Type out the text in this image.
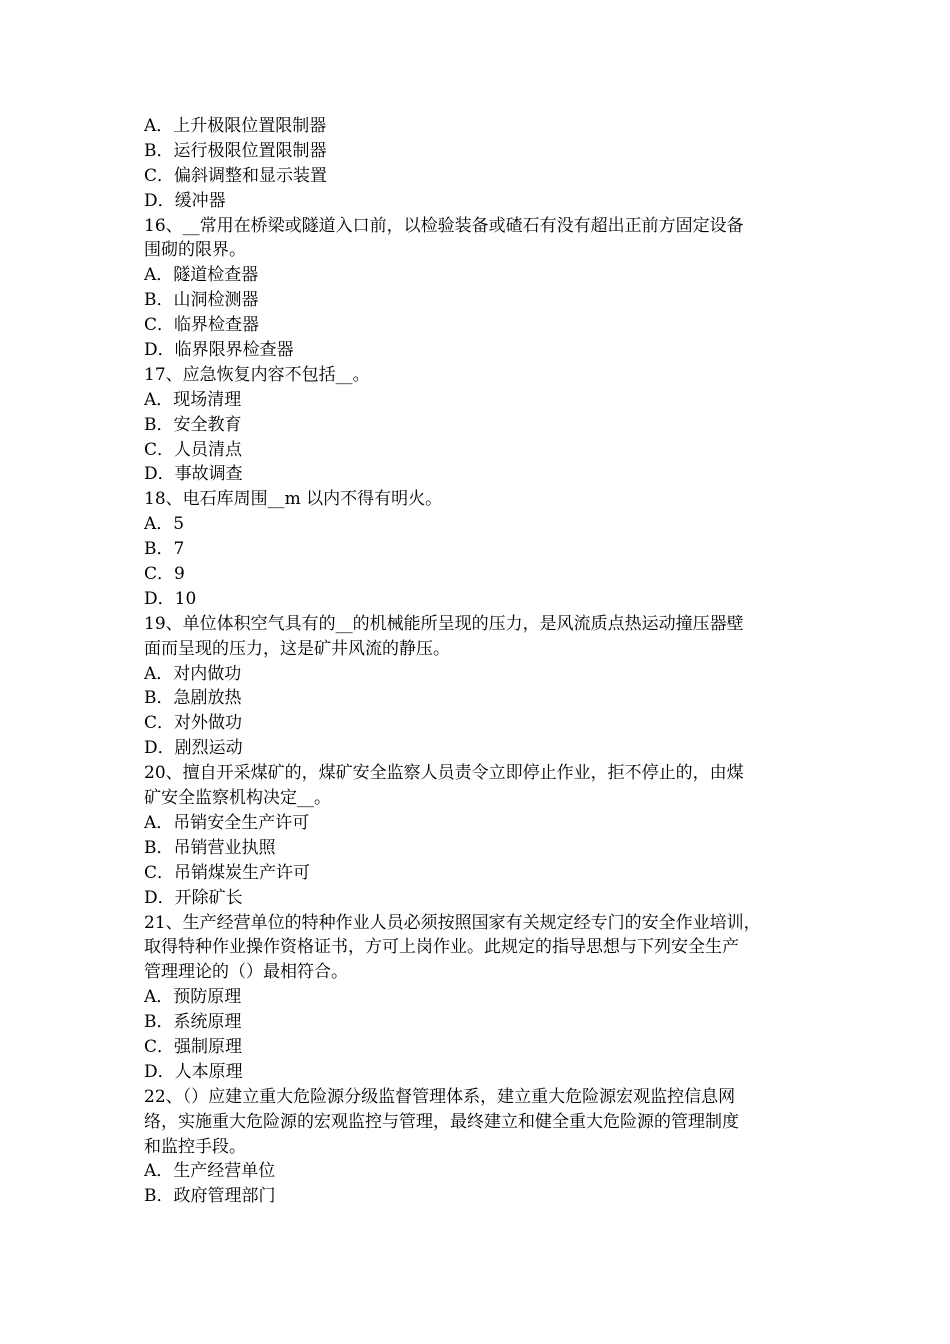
A．上升极限位置限制器
B．运行极限位置限制器
C．偏斜调整和显示装置
D．缓冲器
16、__常用在桥梁或隧道入口前，以检验装备或碴石有没有超出正前方固定设备
围砌的限界。
A．隧道检查器
B．山洞检测器
C．临界检查器
D．临界限界检查器
17、应急恢复内容不包括__。
A．现场清理
B．安全教育
C．人员清点
D．事故调查
18、电石库周围__m 以内不得有明火。
A．5
B．7
C．9
D．10
19、单位体积空气具有的__的机械能所呈现的压力，是风流质点热运动撞压器壁
面而呈现的压力，这是矿井风流的静压。
A．对内做功
B．急剧放热
C．对外做功
D．剧烈运动
20、擅自开采煤矿的，煤矿安全监察人员责令立即停止作业，拒不停止的，由煤
矿安全监察机构决定__。
A．吊销安全生产许可
B．吊销营业执照
C．吊销煤炭生产许可
D．开除矿长
21、生产经营单位的特种作业人员必须按照国家有关规定经专门的安全作业培训，
取得特种作业操作资格证书，方可上岗作业。此规定的指导思想与下列安全生产
管理理论的（）最相符合。
A．预防原理
B．系统原理
C．强制原理
D．人本原理
22、（）应建立重大危险源分级监督管理体系，建立重大危险源宏观监控信息网
络，实施重大危险源的宏观监控与管理，最终建立和健全重大危险源的管理制度
和监控手段。
A．生产经营单位
B．政府管理部门
